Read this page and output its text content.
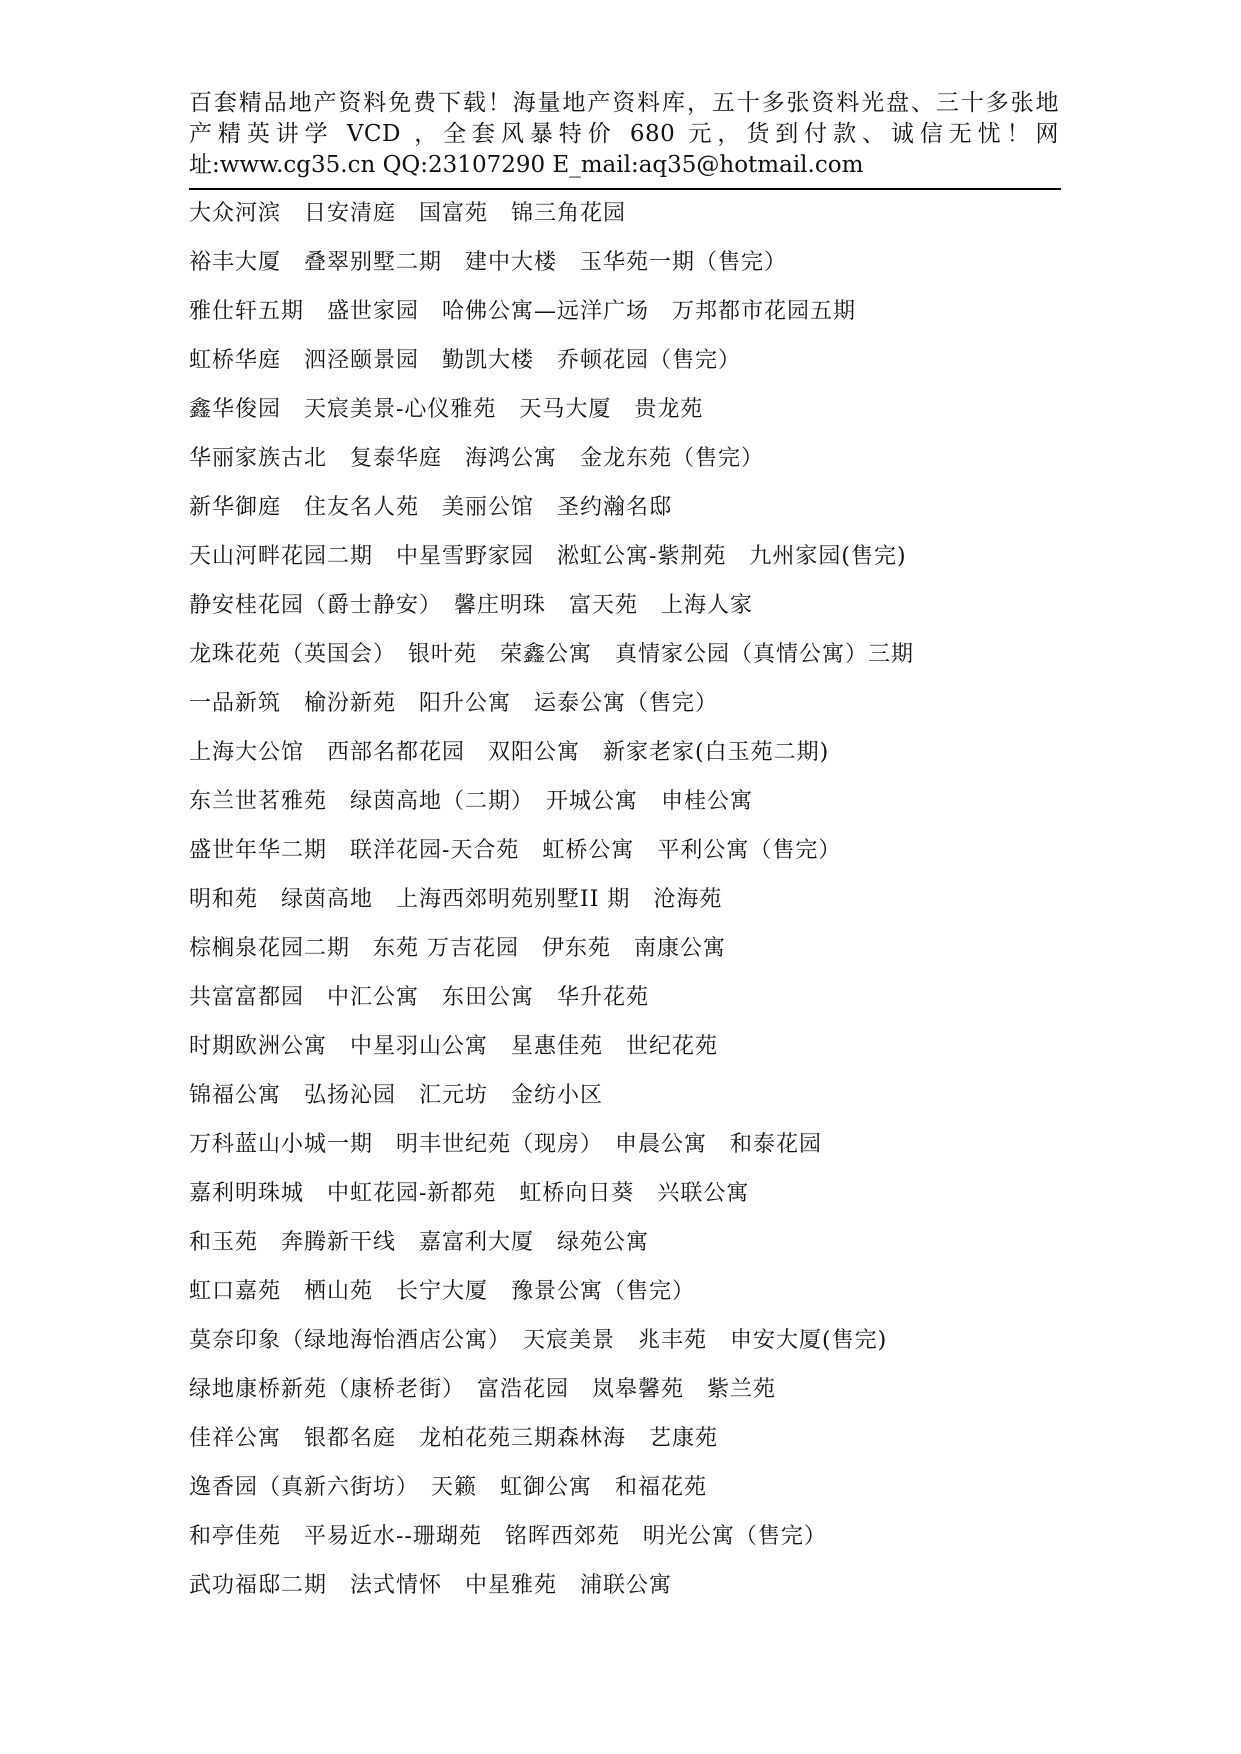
百套精品地产资料免费下载！海量地产资料库，五十多张资料光盘、三十多张地
产精英讲学 VCD ，全套风暴特价 680 元，货到付款、诚信无忧！网
址:www.cg35.cn QQ:23107290 E_mail:aq35@hotmail.com
大众河滨　日安清庭　国富苑　锦三角花园
裕丰大厦　叠翠别墅二期　建中大楼　玉华苑一期（售完）
雅仕轩五期　盛世家园　哈佛公寓—远洋广场　万邦都市花园五期
虹桥华庭　泗泾颐景园　勤凯大楼　乔顿花园（售完）
鑫华俊园　天宸美景-心仪雅苑　天马大厦　贵龙苑
华丽家族古北　复泰华庭　海鸿公寓　金龙东苑（售完）
新华御庭　住友名人苑　美丽公馆　圣约瀚名邸
天山河畔花园二期　中星雪野家园　淞虹公寓-紫荆苑　九州家园(售完)
静安桂花园（爵士静安）　馨庄明珠　富天苑　上海人家
龙珠花苑（英国会）　银叶苑　荣鑫公寓　真情家公园（真情公寓）三期
一品新筑　榆汾新苑　阳升公寓　运泰公寓（售完）
上海大公馆　西部名都花园　双阳公寓　新家老家(白玉苑二期)
东兰世茗雅苑　绿茵高地（二期）　开城公寓　申桂公寓
盛世年华二期　联洋花园-天合苑　虹桥公寓　平利公寓（售完）
明和苑　绿茵高地　上海西郊明苑别墅II 期　沧海苑
棕榈泉花园二期　东苑 万吉花园　伊东苑　南康公寓
共富富都园　中汇公寓　东田公寓　华升花苑
时期欧洲公寓　中星羽山公寓　星惠佳苑　世纪花苑
锦福公寓　弘扬沁园　汇元坊　金纺小区
万科蓝山小城一期　明丰世纪苑（现房）　申晨公寓　和泰花园
嘉利明珠城　中虹花园-新都苑　虹桥向日葵　兴联公寓
和玉苑　奔腾新干线　嘉富利大厦　绿苑公寓
虹口嘉苑　栖山苑　长宁大厦　豫景公寓（售完）
莫奈印象（绿地海怡酒店公寓）　天宸美景　兆丰苑　申安大厦(售完)
绿地康桥新苑（康桥老街）　富浩花园　岚皋馨苑　紫兰苑
佳祥公寓　银都名庭　龙柏花苑三期森林海　艺康苑
逸香园（真新六街坊）　天籁　虹御公寓　和福花苑
和亭佳苑　平易近水--珊瑚苑　铭晖西郊苑　明光公寓（售完）
武功福邸二期　法式情怀　中星雅苑　浦联公寓
